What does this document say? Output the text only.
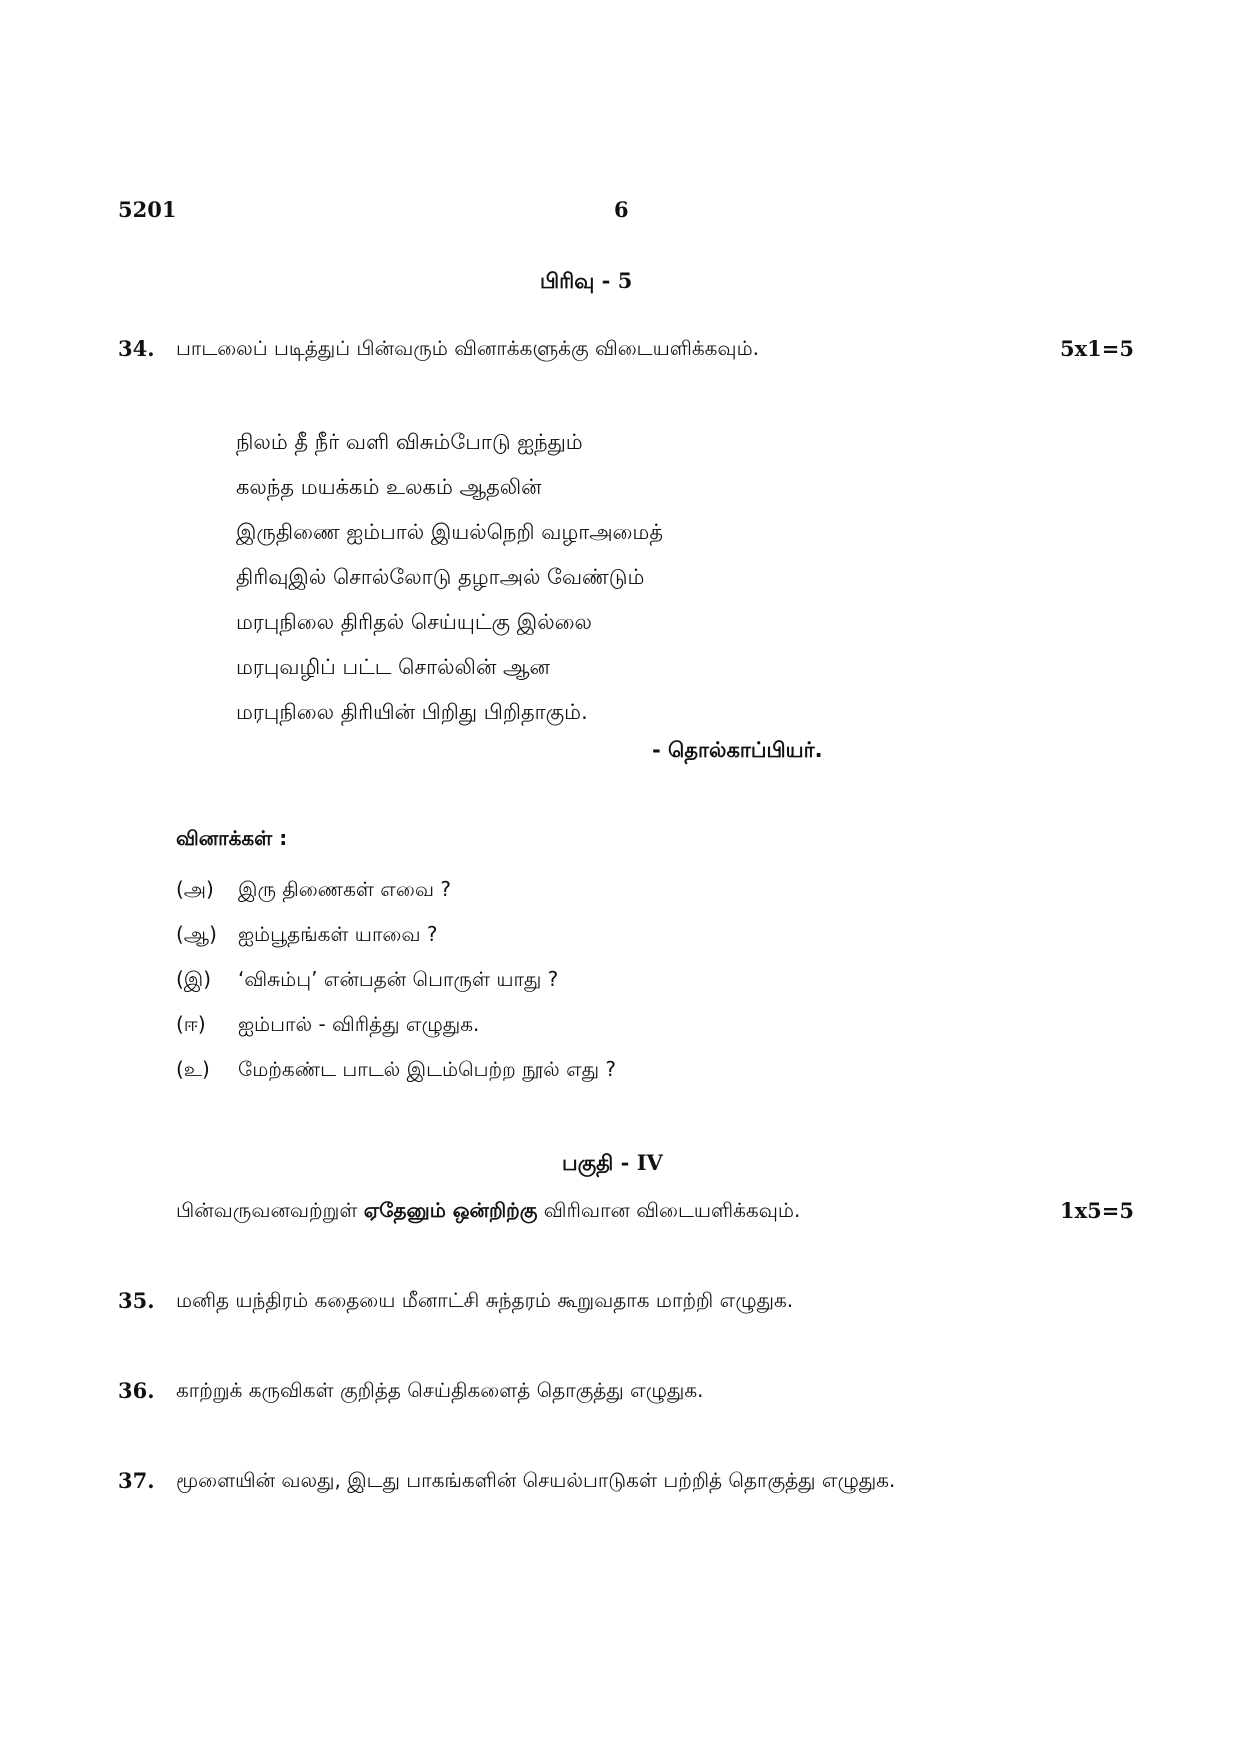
5201	6
பிரிவு - 5
34. பாடலைப் படித்துப் பின்வரும் வினாக்களுக்கு விடையளிக்கவும்.	5x1=5
நிலம் தீ நீர் வளி விசும்போடு ஐந்தும்
கலந்த மயக்கம் உலகம் ஆதலின்
இருதிணை ஐம்பால் இயல்நெறி வழாஅமைத்
திரிவுஇல் சொல்லோடு தழாஅல் வேண்டும்
மரபுநிலை திரிதல் செய்யுட்கு இல்லை
மரபுவழிப் பட்ட சொல்லின் ஆன
மரபுநிலை திரியின் பிறிது பிறிதாகும்.
- தொல்காப்பியர்.
வினாக்கள் :
(அ)	இரு திணைகள் எவை ?
(ஆ)	ஐம்பூதங்கள் யாவை ?
(இ)	‘விசும்பு’ என்பதன் பொருள் யாது ?
(ஈ)	ஐம்பால் - விரித்து எழுதுக.
(உ)	மேற்கண்ட பாடல் இடம்பெற்ற நூல் எது ?
பகுதி - IV
பின்வருவனவற்றுள் ஏதேனும் ஒன்றிற்கு விரிவான விடையளிக்கவும்.	1x5=5
35. மனித யந்திரம் கதையை மீனாட்சி சுந்தரம் கூறுவதாக மாற்றி எழுதுக.
36. காற்றுக் கருவிகள் குறித்த செய்திகளைத் தொகுத்து எழுதுக.
37. மூளையின் வலது, இடது பாகங்களின் செயல்பாடுகள் பற்றித் தொகுத்து எழுதுக.
